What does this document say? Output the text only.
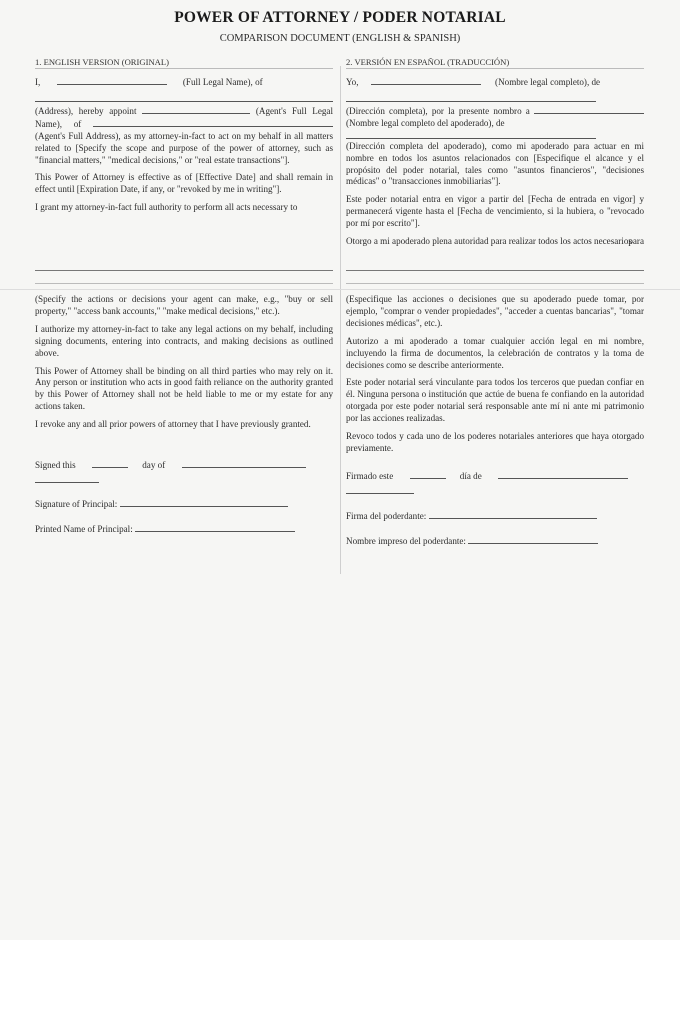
POWER OF ATTORNEY / PODER NOTARIAL
COMPARISON DOCUMENT (ENGLISH & SPANISH)
1. ENGLISH VERSION (ORIGINAL)	2. VERSIÓN EN ESPAÑOL (TRADUCCIÓN)

I,	(Full Legal Name), of

(Address), hereby appoint	(Agent's Full Legal Name), of  (Agent's Full Address), as my attorney-in-fact to act on my behalf in all matters related to [Specify the scope and purpose of the power of attorney, such as "financial matters," "medical decisions," or "real estate transactions"].

This Power of Attorney is effective as of [Effective Date] and shall remain in effect until [Expiration Date, if any, or "revoked by me in writing"].

I grant my attorney-in-fact full authority to perform all acts necessary to

Yo,	(Nombre legal completo), de

(Dirección completa), por la presente nombro a  (Nombre legal completo del apoderado), de
(Dirección completa del apoderado), como mi apoderado para actuar en mi nombre en todos los asuntos relacionados con [Especifique el alcance y el propósito del poder notarial, tales como "asuntos financieros", "decisiones médicas" o "transacciones inmobiliarias"].

Este poder notarial entra en vigor a partir del [Fecha de entrada en vigor] y permanecerá vigente hasta el [Fecha de vencimiento, si la hubiera, o "revocado por mí por escrito"].

Otorgo a mi apoderado plena autoridad para realizar todos los actos necesarios

para

(Specify the actions or decisions your agent can make, e.g., "buy or sell property," "access bank accounts," "make medical decisions," etc.).

I authorize my attorney-in-fact to take any legal actions on my behalf, including signing documents, entering into contracts, and making decisions as outlined above.

This Power of Attorney shall be binding on all third parties who may rely on it. Any person or institution who acts in good faith reliance on the authority granted by this Power of Attorney shall not be held liable to me or my estate for any actions taken.

I revoke any and all prior powers of attorney that I have previously granted.

(Especifique las acciones o decisiones que su apoderado puede tomar, por ejemplo, "comprar o vender propiedades", "acceder a cuentas bancarias", "tomar decisiones médicas", etc.).

Autorizo a mi apoderado a tomar cualquier acción legal en mi nombre, incluyendo la firma de documentos, la celebración de contratos y la toma de decisiones como se describe anteriormente.

Este poder notarial será vinculante para todos los terceros que puedan confiar en él. Ninguna persona o institución que actúe de buena fe confiando en la autoridad otorgada por este poder notarial será responsable ante mí ni ante mi patrimonio por las acciones realizadas.

Revoco todos y cada uno de los poderes notariales anteriores que haya otorgado previamente.

Signed this	day of
Signature of Principal:
Printed Name of Principal:
Firmado este	día de
Firma del poderdante:
Nombre impreso del poderdante:
